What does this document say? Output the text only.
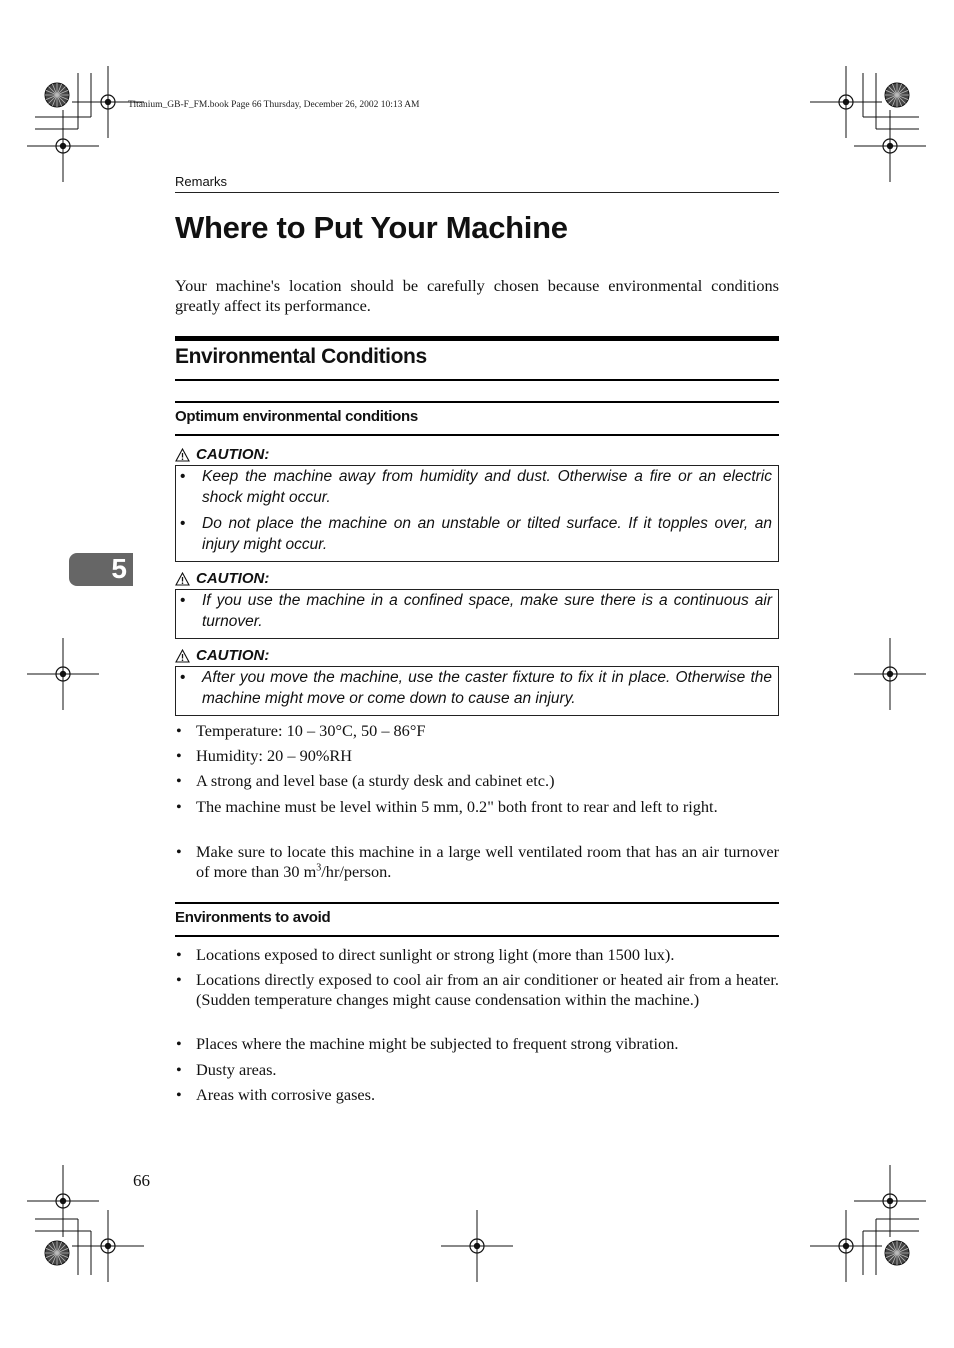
Titanium_GB-F_FM.book Page 66 Thursday, December 26, 2002 10:13 AM
Remarks
Where to Put Your Machine

Your machine's location should be carefully chosen because environmental conditions greatly affect its performance.

Environmental Conditions
Optimum environmental conditions
CAUTION:
• Keep the machine away from humidity and dust. Otherwise a fire or an electric shock might occur.
• Do not place the machine on an unstable or tilted surface. If it topples over, an injury might occur.
CAUTION:
• If you use the machine in a confined space, make sure there is a continuous air turnover.
CAUTION:
• After you move the machine, use the caster fixture to fix it in place. Otherwise the machine might move or come down to cause an injury.
• Temperature: 10 – 30°C, 50 – 86°F
• Humidity: 20 – 90%RH
• A strong and level base (a sturdy desk and cabinet etc.)
• The machine must be level within 5 mm, 0.2" both front to rear and left to right.
• Make sure to locate this machine in a large well ventilated room that has an air turnover of more than 30 $m^3/hr$/person.
Environments to avoid
• Locations exposed to direct sunlight or strong light (more than 1500 lux).
• Locations directly exposed to cool air from an air conditioner or heated air from a heater. (Sudden temperature changes might cause condensation within the machine.)
• Places where the machine might be subjected to frequent strong vibration.
• Dusty areas.
• Areas with corrosive gases.
5
66
